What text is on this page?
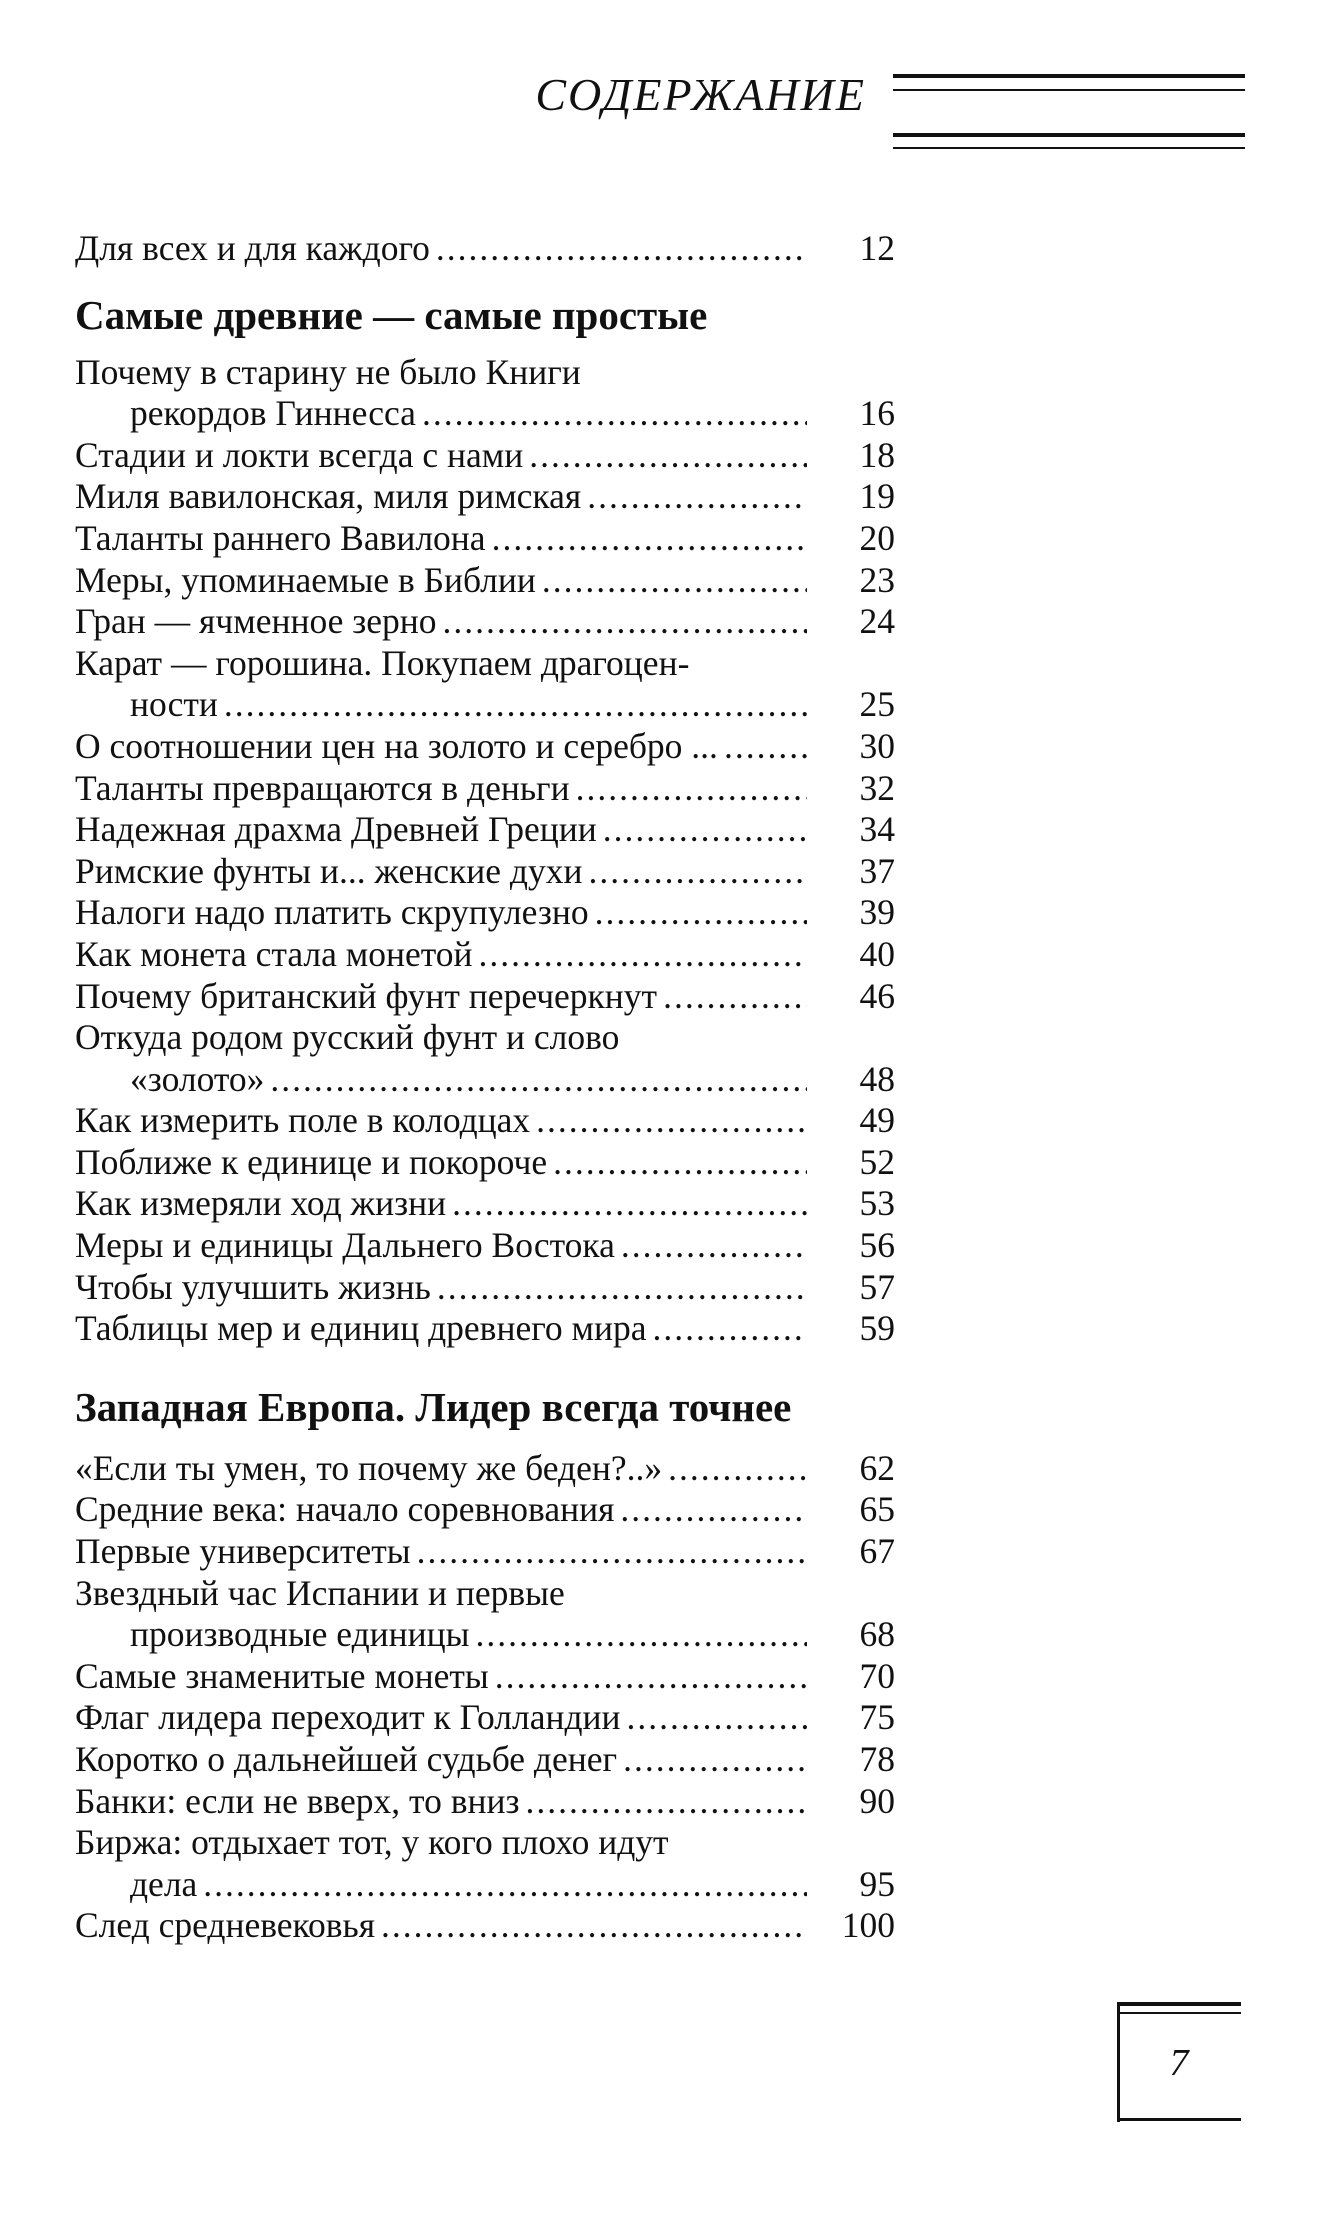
СОДЕРЖАНИЕ
Для всех и для каждого .....	12
Самые древние — самые простые
Почему в старину не было Книги
рекордов Гиннесса .....	16
Стадии и локти всегда с нами .....	18
Миля вавилонская, миля римская .....	19
Таланты раннего Вавилона .....	20
Меры, упоминаемые в Библии .....	23
Гран — ячменное зерно .....	24
Карат — горошина. Покупаем драгоцен-
ности .....	25
О соотношении цен на золото и серебро ... .....	30
Таланты превращаются в деньги .....	32
Надежная драхма Древней Греции .....	34
Римские фунты и... женские духи .....	37
Налоги надо платить скрупулезно .....	39
Как монета стала монетой .....	40
Почему британский фунт перечеркнут .....	46
Откуда родом русский фунт и слово
«золото» .....	48
Как измерить поле в колодцах .....	49
Поближе к единице и покороче .....	52
Как измеряли ход жизни .....	53
Меры и единицы Дальнего Востока .....	56
Чтобы улучшить жизнь .....	57
Таблицы мер и единиц древнего мира .....	59
Западная Европа. Лидер всегда точнее
«Если ты умен, то почему же беден?..» .....	62
Средние века: начало соревнования .....	65
Первые университеты .....	67
Звездный час Испании и первые
производные единицы .....	68
Самые знаменитые монеты .....	70
Флаг лидера переходит к Голландии .....	75
Коротко о дальнейшей судьбе денег .....	78
Банки: если не вверх, то вниз .....	90
Биржа: отдыхает тот, у кого плохо идут
дела .....	95
След средневековья .....	100
7
